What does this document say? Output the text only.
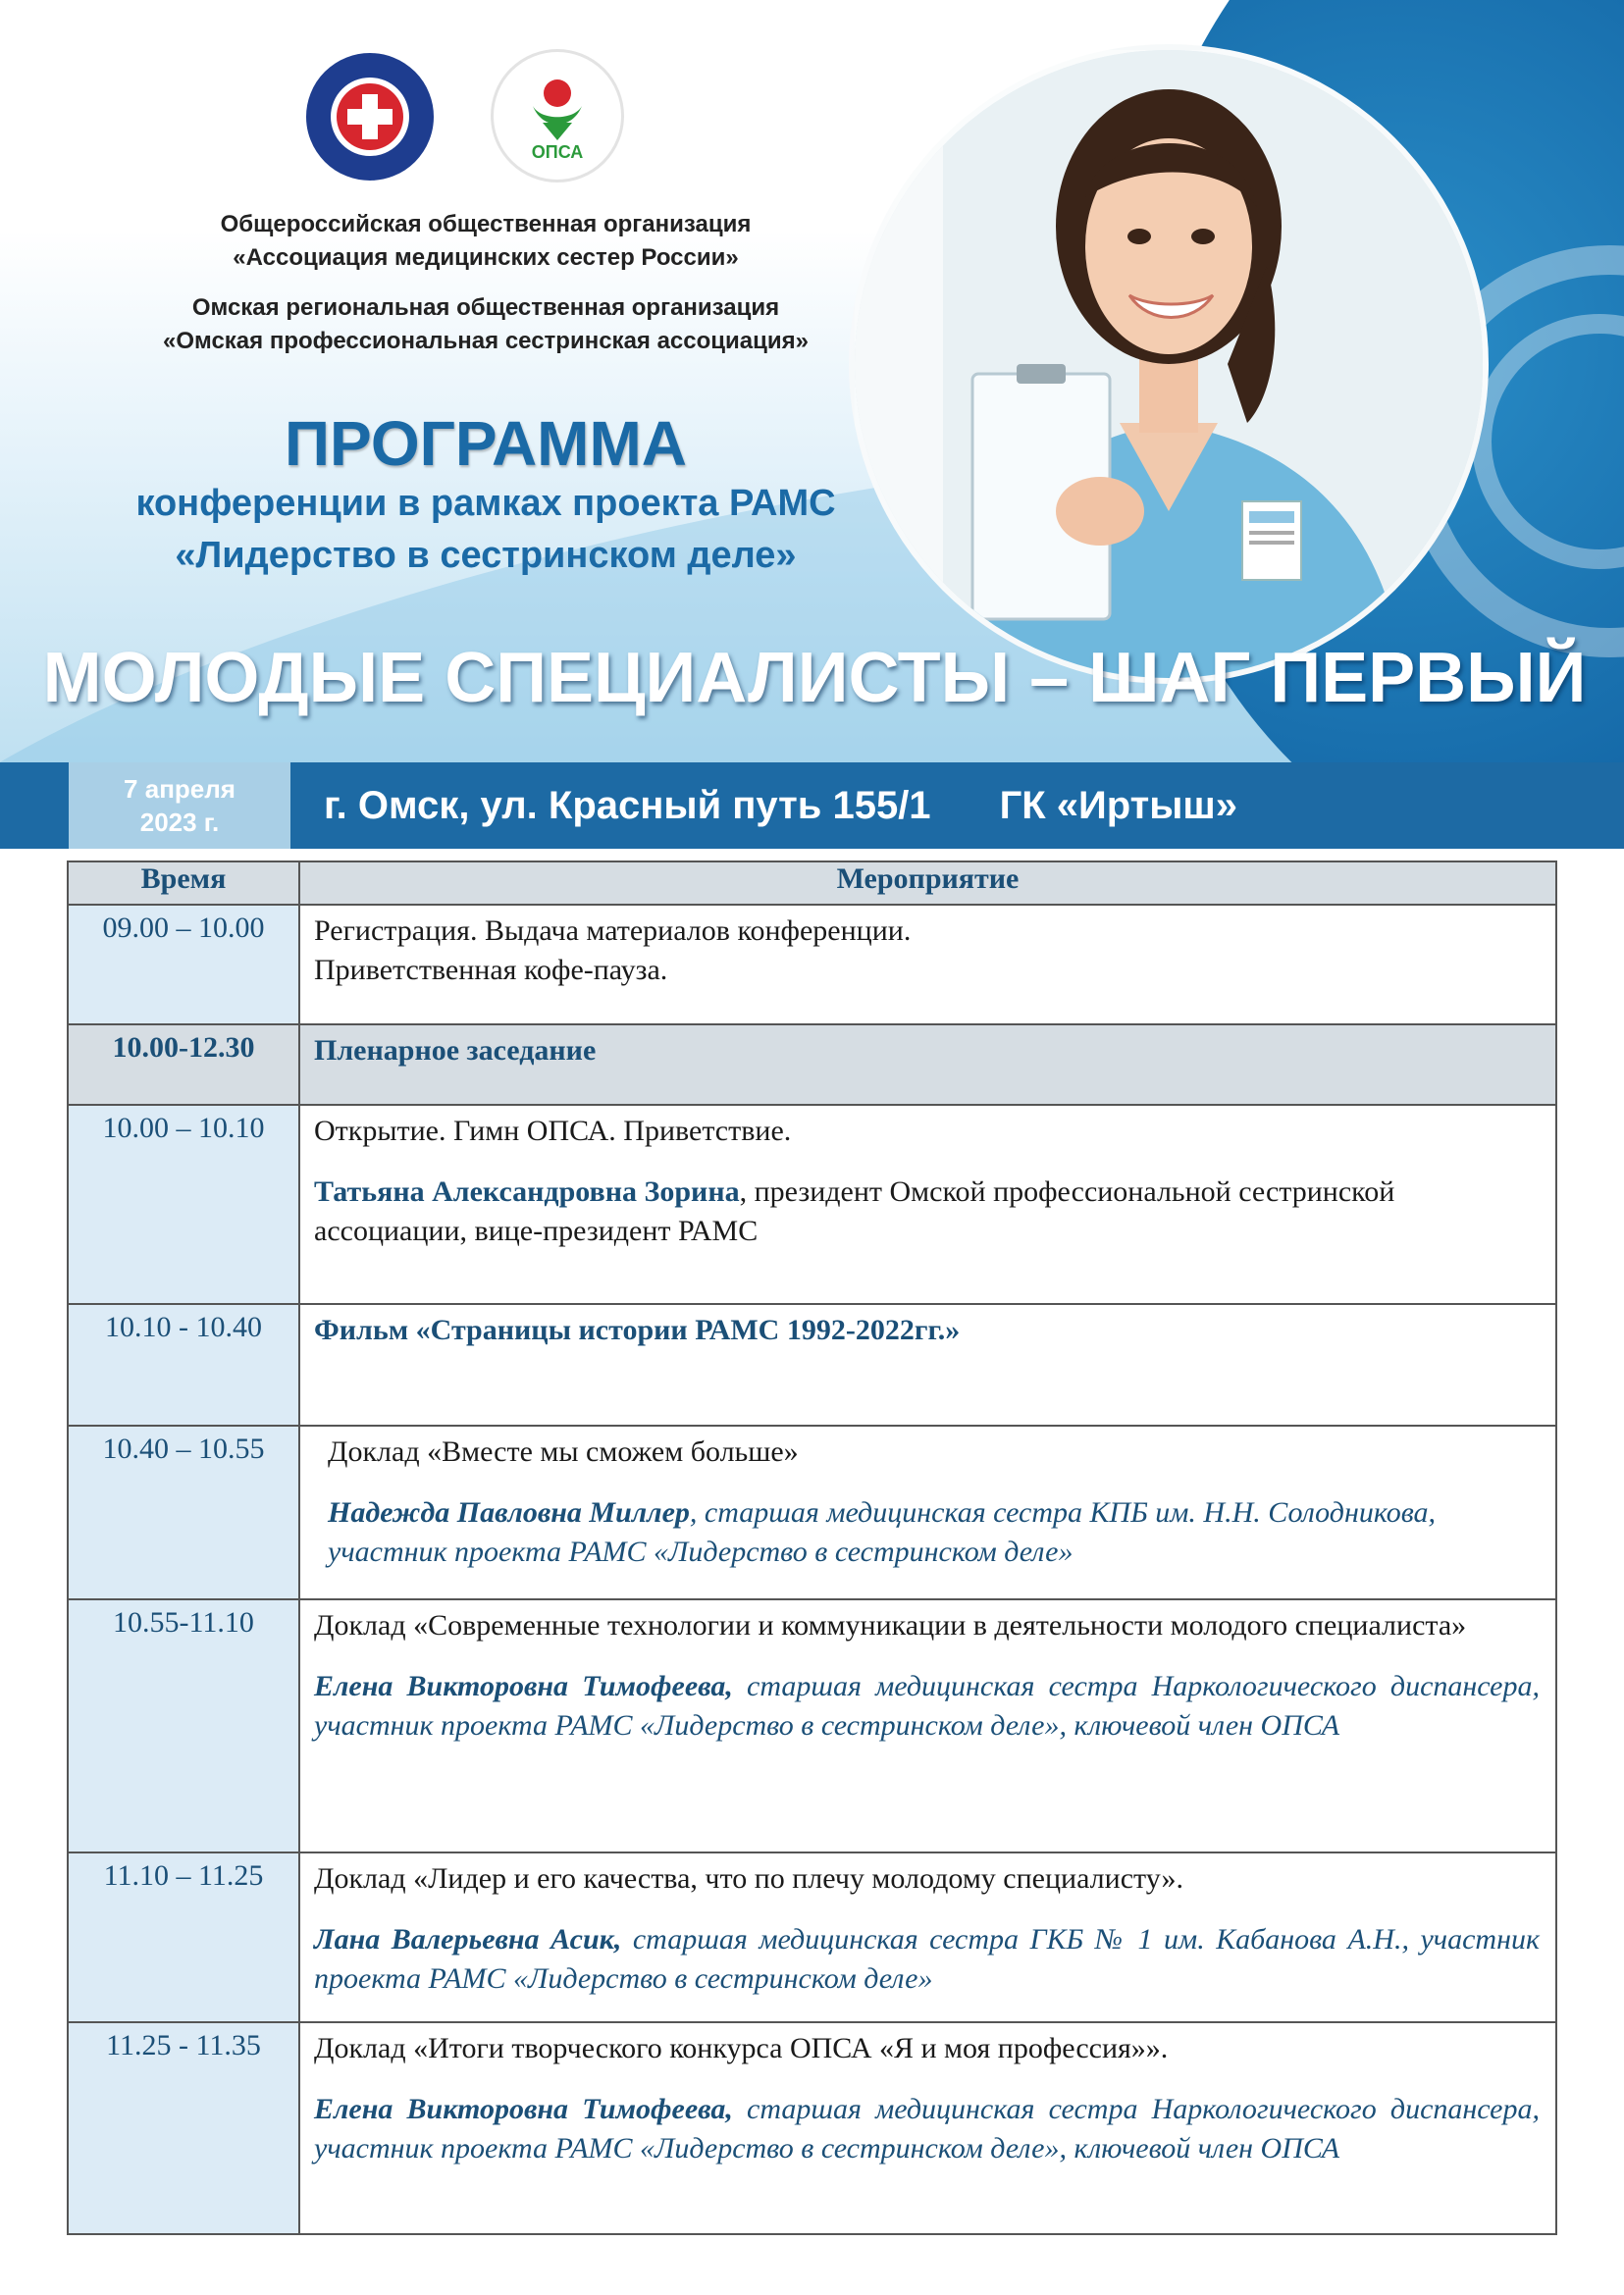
ОПСА
Общероссийская общественная организация
«Ассоциация медицинских сестер России»
Омская региональная общественная организация
«Омская профессиональная сестринская ассоциация»
ПРОГРАММА
конференции в рамках проекта РАМС
«Лидерство в сестринском деле»
МОЛОДЫЕ СПЕЦИАЛИСТЫ – ШАГ ПЕРВЫЙ
7 апреля
2023 г.	г. Омск, ул. Красный путь 155/1 ГК «Иртыш»
Время	Мероприятие
09.00 – 10.00	Регистрация. Выдача материалов конференции.
Приветственная кофе-пауза.

10.00-12.30	Пленарное заседание
10.00 – 10.10	Открытие. Гимн ОПСА. Приветствие.
Татьяна Александровна Зорина, президент Омской профессиональной сестринской ассоциации, вице-президент РАМС

10.10 - 10.40	Фильм «Страницы истории РАМС 1992-2022гг.»
10.40 – 10.55	Доклад «Вместе мы сможем больше»
Надежда Павловна Миллер, старшая медицинская сестра КПБ им. Н.Н. Солодникова, участник проекта РАМС «Лидерство в сестринском деле»

10.55-11.10	Доклад «Современные технологии и коммуникации в деятельности молодого специалиста»
Елена Викторовна Тимофеева, старшая медицинская сестра Наркологического диспансера, участник проекта РАМС «Лидерство в сестринском деле», ключевой член ОПСА

11.10 – 11.25	Доклад «Лидер и его качества, что по плечу молодому специалисту».
Лана Валерьевна Асик, старшая медицинская сестра ГКБ № 1 им. Кабанова А.Н., участник проекта РАМС «Лидерство в сестринском деле»

11.25 - 11.35	Доклад «Итоги творческого конкурса ОПСА «Я и моя профессия»».
Елена Викторовна Тимофеева, старшая медицинская сестра Наркологического диспансера, участник проекта РАМС «Лидерство в сестринском деле», ключевой член ОПСА
